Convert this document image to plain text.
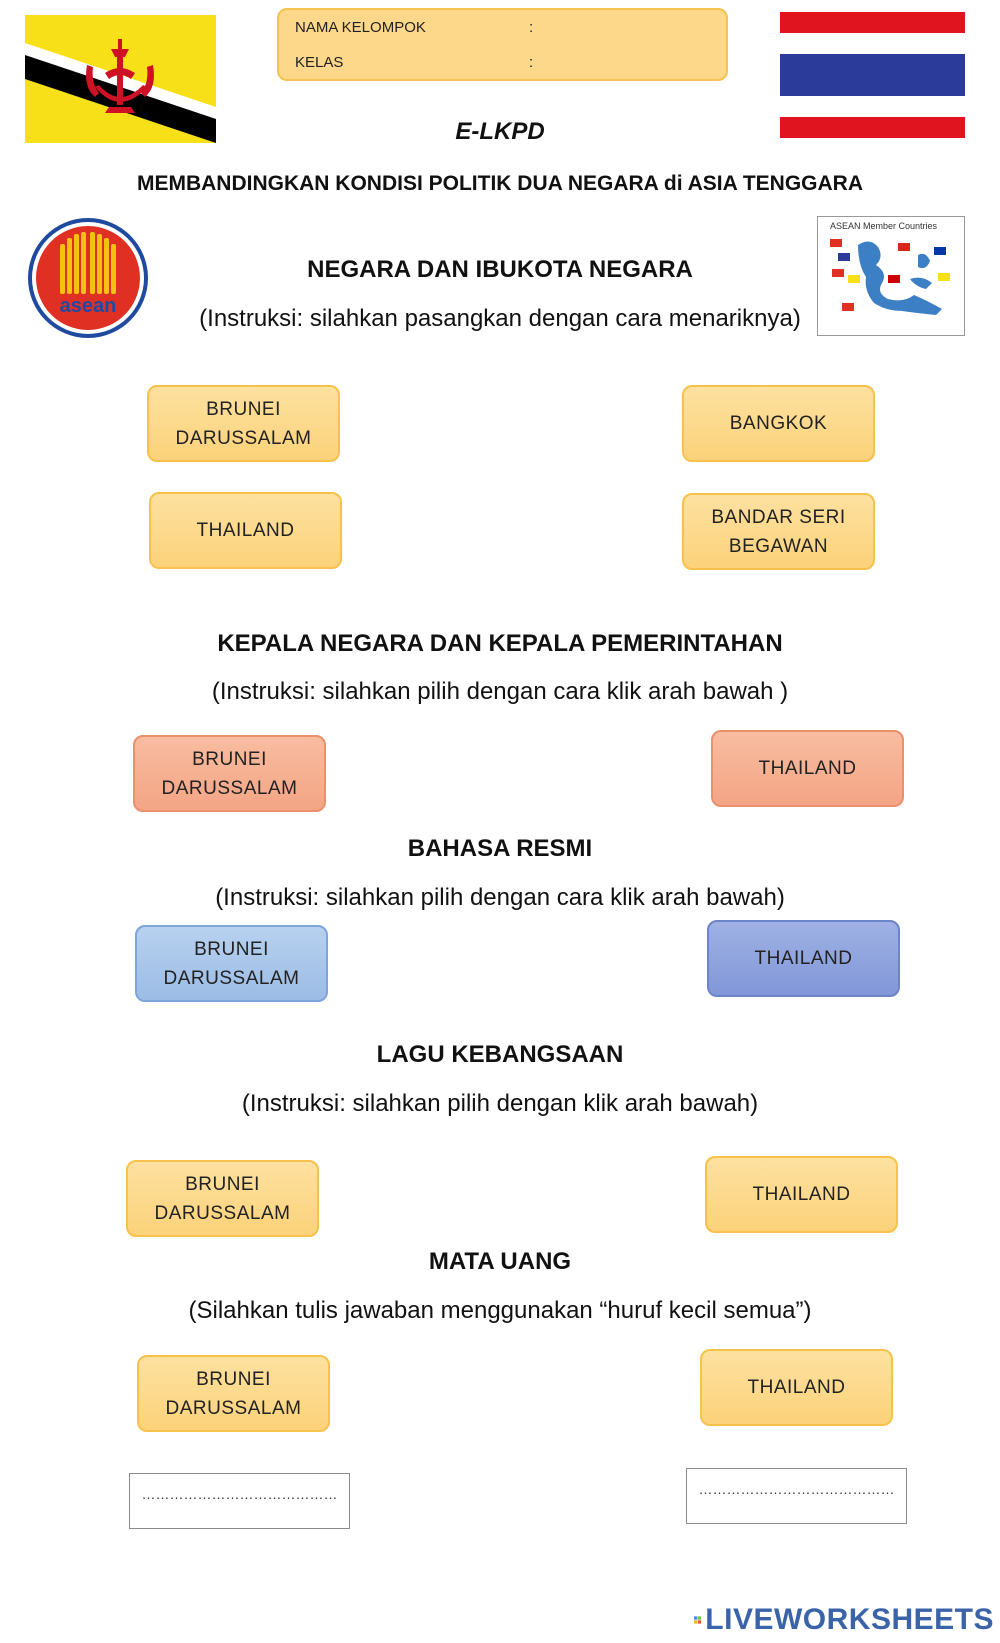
NAMA KELOMPOK	:
KELAS	:
E-LKPD
MEMBANDINGKAN KONDISI POLITIK DUA NEGARA di ASIA TENGGARA
asean
ASEAN Member Countries
NEGARA DAN IBUKOTA NEGARA
(Instruksi: silahkan pasangkan dengan cara menariknya)
BRUNEI DARUSSALAM
THAILAND
BANGKOK
BANDAR SERI BEGAWAN
KEPALA NEGARA DAN KEPALA PEMERINTAHAN
(Instruksi: silahkan pilih dengan cara klik arah bawah )
BRUNEI DARUSSALAM
THAILAND
BAHASA RESMI
(Instruksi: silahkan pilih dengan cara klik arah bawah)
BRUNEI DARUSSALAM
THAILAND
LAGU KEBANGSAAN
(Instruksi: silahkan pilih dengan klik arah bawah)
BRUNEI DARUSSALAM
THAILAND
MATA UANG
(Silahkan tulis jawaban menggunakan “huruf kecil semua”)
BRUNEI DARUSSALAM
THAILAND
……………………………………	……………………………………
LIVEWORKSHEETS
